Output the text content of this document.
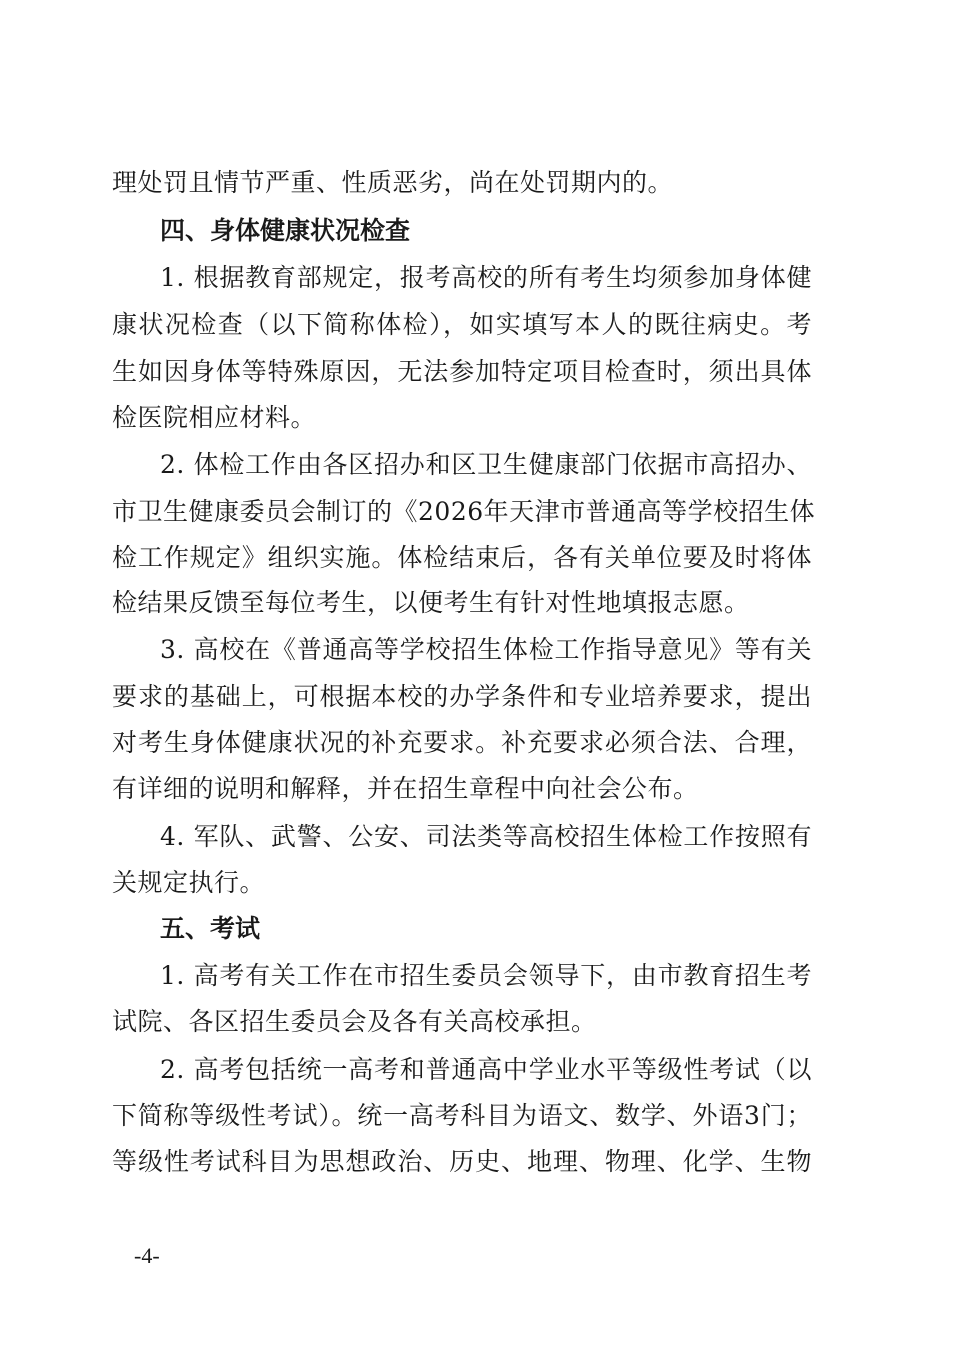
理处罚且情节严重、性质恶劣，尚在处罚期内的。
四、身体健康状况检查
1. 根据教育部规定，报考高校的所有考生均须参加身体健
康状况检查（以下简称体检），如实填写本人的既往病史。考
生如因身体等特殊原因，无法参加特定项目检查时，须出具体
检医院相应材料。
2. 体检工作由各区招办和区卫生健康部门依据市高招办、
市卫生健康委员会制订的《2026年天津市普通高等学校招生体
检工作规定》组织实施。体检结束后，各有关单位要及时将体
检结果反馈至每位考生，以便考生有针对性地填报志愿。
3. 高校在《普通高等学校招生体检工作指导意见》等有关
要求的基础上，可根据本校的办学条件和专业培养要求，提出
对考生身体健康状况的补充要求。补充要求必须合法、合理，
有详细的说明和解释，并在招生章程中向社会公布。
4. 军队、武警、公安、司法类等高校招生体检工作按照有
关规定执行。
五、考试
1. 高考有关工作在市招生委员会领导下，由市教育招生考
试院、各区招生委员会及各有关高校承担。
2. 高考包括统一高考和普通高中学业水平等级性考试（以
下简称等级性考试）。统一高考科目为语文、数学、外语3门；
等级性考试科目为思想政治、历史、地理、物理、化学、生物
-4-
